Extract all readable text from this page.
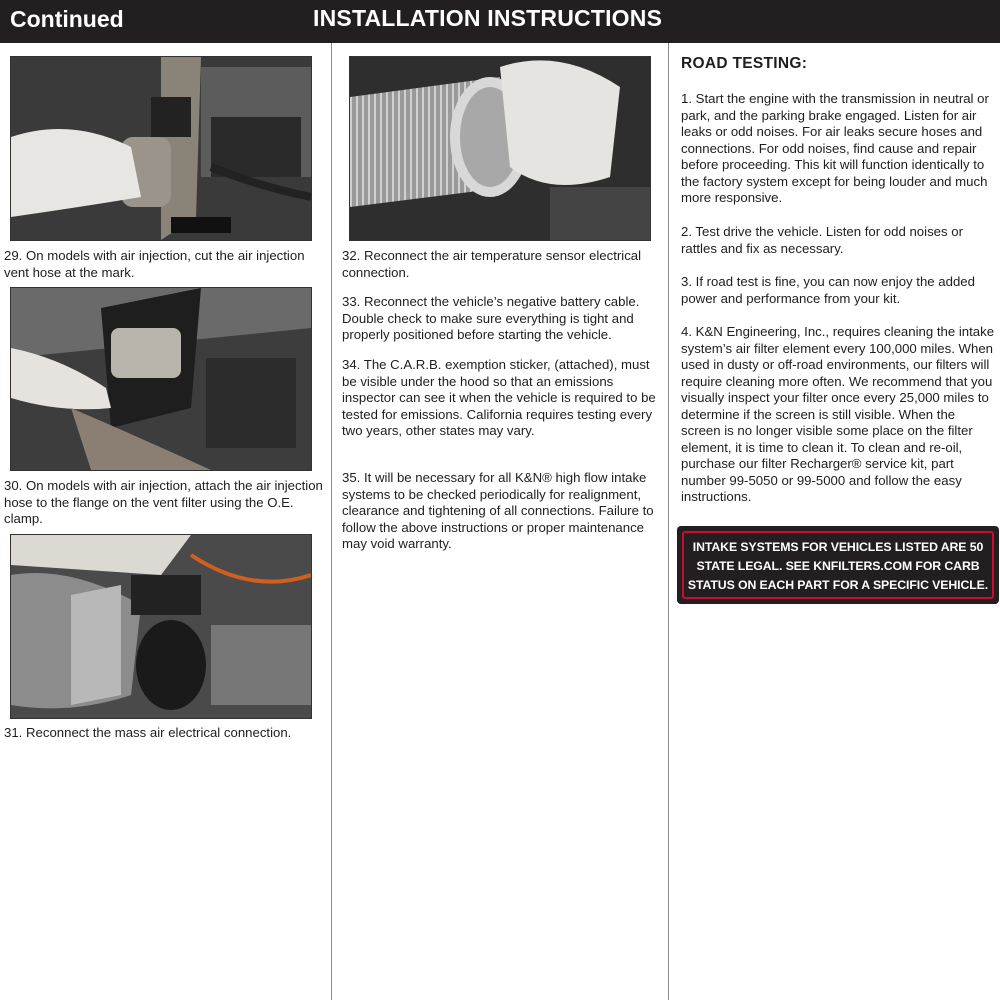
Continued	INSTALLATION INSTRUCTIONS
29. On models with air injection, cut the air injection vent hose at the mark.
30. On models with air injection, attach the air injection hose to the flange on the vent filter using the O.E. clamp.
31. Reconnect the mass air electrical connection.
32. Reconnect the air temperature sensor electrical connection.
33. Reconnect the vehicle’s negative battery cable. Double check to make sure everything is tight and properly positioned before starting the vehicle.
34. The C.A.R.B. exemption sticker, (attached), must be visible under the hood so that an emissions inspector can see it when the vehicle is required to be tested for emissions. California requires testing every two years, other states may vary.
35. It will be necessary for all K&N® high flow intake systems to be checked periodically for realignment, clearance and tightening of all connections. Failure to follow the above instructions or proper maintenance may void warranty.
ROAD TESTING:
1. Start the engine with the transmission in neutral or park, and the parking brake engaged. Listen for air leaks or odd noises. For air leaks secure hoses and connections. For odd noises, find cause and repair before proceeding. This kit will function identically to the factory system except for being louder and much more responsive.
2. Test drive the vehicle. Listen for odd noises or rattles and fix as necessary.
3. If road test is fine, you can now enjoy the added power and performance from your kit.
4. K&N Engineering, Inc., requires cleaning the intake system’s air filter element every 100,000 miles. When used in dusty or off-road environments, our filters will require cleaning more often. We recommend that you visually inspect your filter once every 25,000 miles to determine if the screen is still visible. When the screen is no longer visible some place on the filter element, it is time to clean it. To clean and re-oil, purchase our filter Recharger® service kit, part number 99-5050 or 99-5000 and follow the easy instructions.
INTAKE SYSTEMS FOR VEHICLES LISTED ARE 50
STATE LEGAL. SEE KNFILTERS.COM FOR CARB
STATUS ON EACH PART FOR A SPECIFIC VEHICLE.
